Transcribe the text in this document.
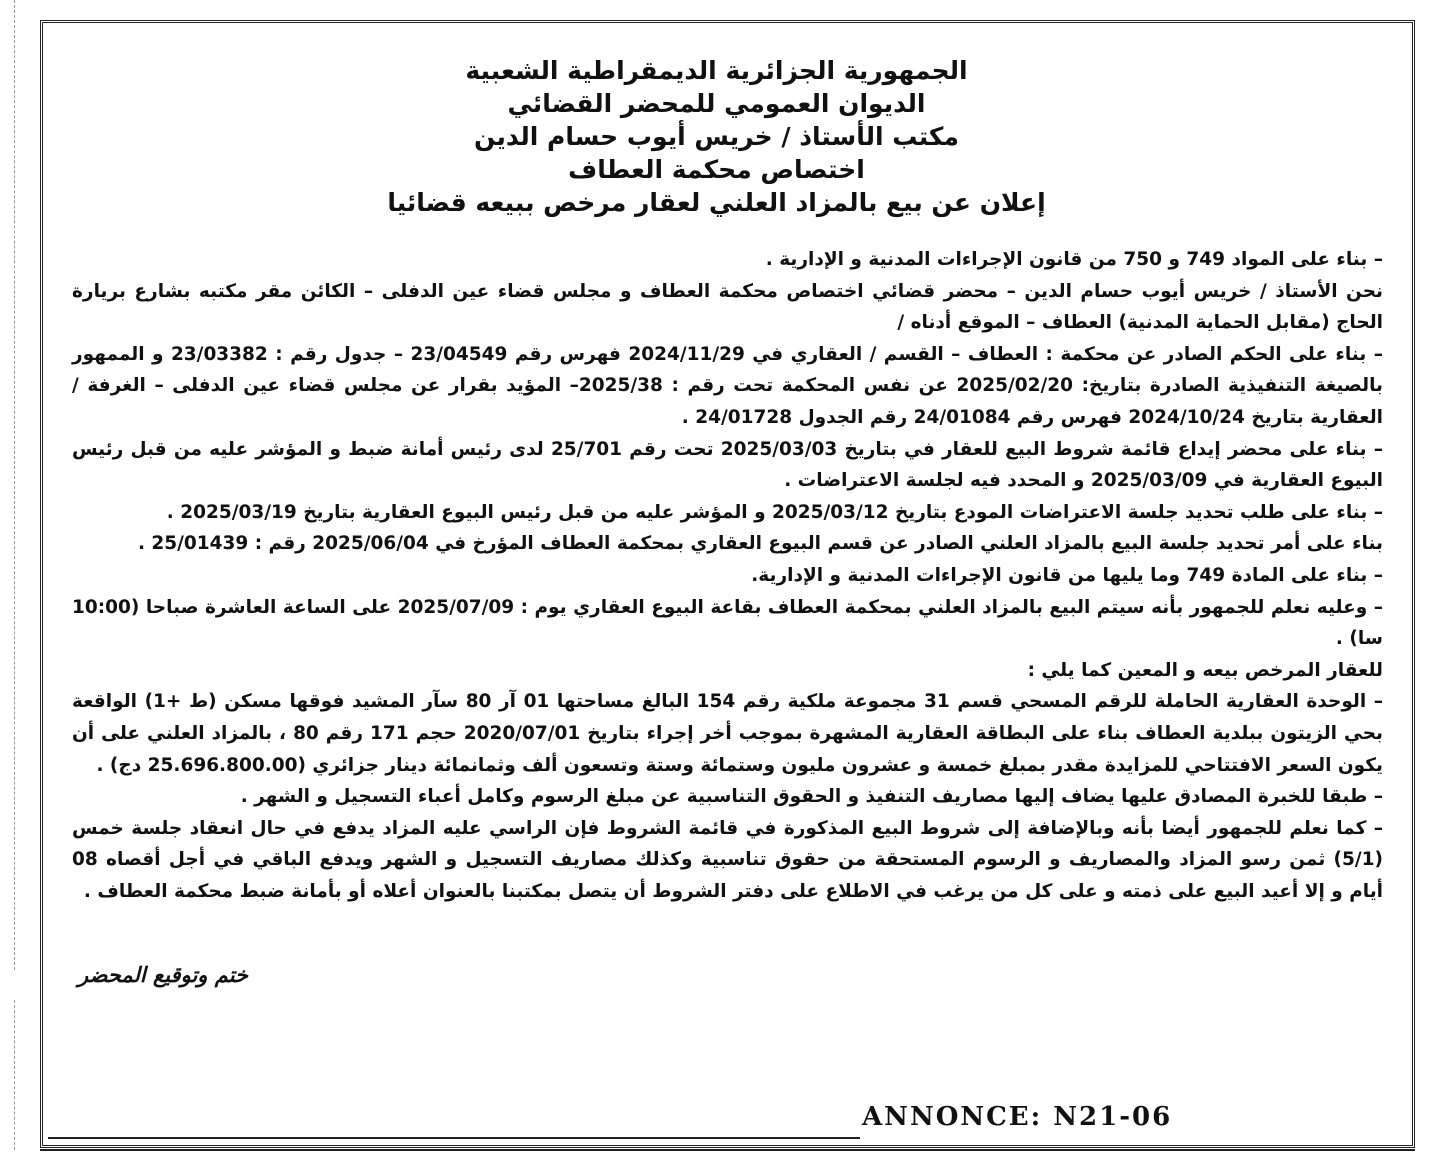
الجمهورية الجزائرية الديمقراطية الشعبية
الديوان العمومي للمحضر القضائي
مكتب الأستاذ / خريس أيوب حسام الدين
اختصاص محكمة العطاف
إعلان عن بيع بالمزاد العلني لعقار مرخص ببيعه قضائيا

– بناء على المواد 749 و 750 من قانون الإجراءات المدنية و الإدارية .

نحن الأستاذ / خريس أيوب حسام الدين – محضر قضائي اختصاص محكمة العطاف و مجلس قضاء عين الدفلى – الكائن مقر مكتبه بشارع بريارة الحاج (مقابل الحماية المدنية) العطاف – الموقع أدناه /

– بناء على الحكم الصادر عن محكمة : العطاف – القسم / العقاري في 2024/11/29 فهرس رقم 23/04549 – جدول رقم : 23/03382 و الممهور بالصيغة التنفيذية الصادرة بتاريخ: 2025/02/20 عن نفس المحكمة تحت رقم : 2025/38– المؤيد بقرار عن مجلس قضاء عين الدفلى – الغرفة / العقارية بتاريخ 2024/10/24 فهرس رقم 24/01084 رقم الجدول 24/01728 .

– بناء على محضر إيداع قائمة شروط البيع للعقار في بتاريخ 2025/03/03 تحت رقم 25/701 لدى رئيس أمانة ضبط و المؤشر عليه من قبل رئيس البيوع العقارية في 2025/03/09 و المحدد فيه لجلسة الاعتراضات .

– بناء على طلب تحديد جلسة الاعتراضات المودع بتاريخ 2025/03/12 و المؤشر عليه من قبل رئيس البيوع العقارية بتاريخ 2025/03/19 .

بناء على أمر تحديد جلسة البيع بالمزاد العلني الصادر عن قسم البيوع العقاري بمحكمة العطاف المؤرخ في 2025/06/04 رقم : 25/01439 .

– بناء على المادة 749 وما يليها من قانون الإجراءات المدنية و الإدارية.

– وعليه نعلم للجمهور بأنه سيتم البيع بالمزاد العلني بمحكمة العطاف بقاعة البيوع العقاري يوم : 2025/07/09 على الساعة العاشرة صباحا (10:00 سا) .

للعقار المرخص بيعه و المعين كما يلي :

– الوحدة العقارية الحاملة للرقم المسحي قسم 31 مجموعة ملكية رقم 154 البالغ مساحتها 01 آر 80 سآر المشيد فوقها مسكن (ط +1) الواقعة بحي الزيتون ببلدية العطاف بناء على البطاقة العقارية المشهرة بموجب أخر إجراء بتاريخ 2020/07/01 حجم 171 رقم 80 ، بالمزاد العلني على أن يكون السعر الافتتاحي للمزايدة مقدر بمبلغ خمسة و عشرون مليون وستمائة وستة وتسعون ألف وثمانمائة دينار جزائري (25.696.800.00 دج) .

– طبقا للخبرة المصادق عليها يضاف إليها مصاريف التنفيذ و الحقوق التناسبية عن مبلغ الرسوم وكامل أعباء التسجيل و الشهر .

– كما نعلم للجمهور أيضا بأنه وبالإضافة إلى شروط البيع المذكورة في قائمة الشروط فإن الراسي عليه المزاد يدفع في حال انعقاد جلسة خمس (5/1) ثمن رسو المزاد والمصاريف و الرسوم المستحقة من حقوق تناسبية وكذلك مصاريف التسجيل و الشهر ويدفع الباقي في أجل أقصاه 08 أيام و إلا أعيد البيع على ذمته و على كل من يرغب في الاطلاع على دفتر الشروط أن يتصل بمكتبنا بالعنوان أعلاه أو بأمانة ضبط محكمة العطاف .

ختم وتوقيع المحضر
ANNONCE: N21-06
